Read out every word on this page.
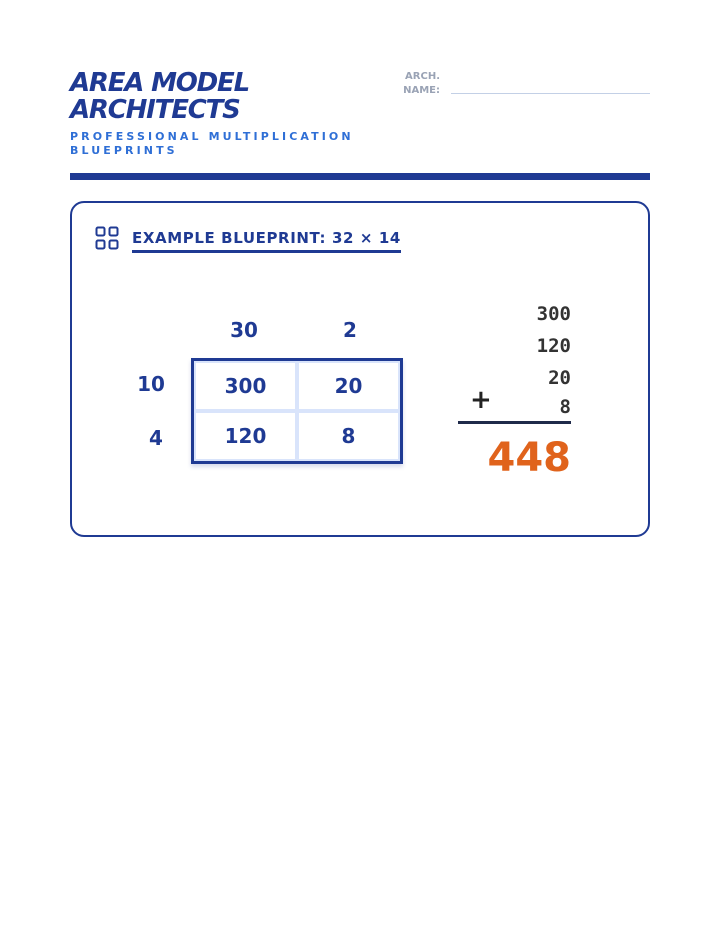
AREA MODEL
ARCHITECTS
PROFESSIONAL MULTIPLICATION BLUEPRINTS
ARCH. NAME:
EXAMPLE BLUEPRINT: 32 × 14
30	2
10
4
300	20
120	8
300
120
20
8
+
448
